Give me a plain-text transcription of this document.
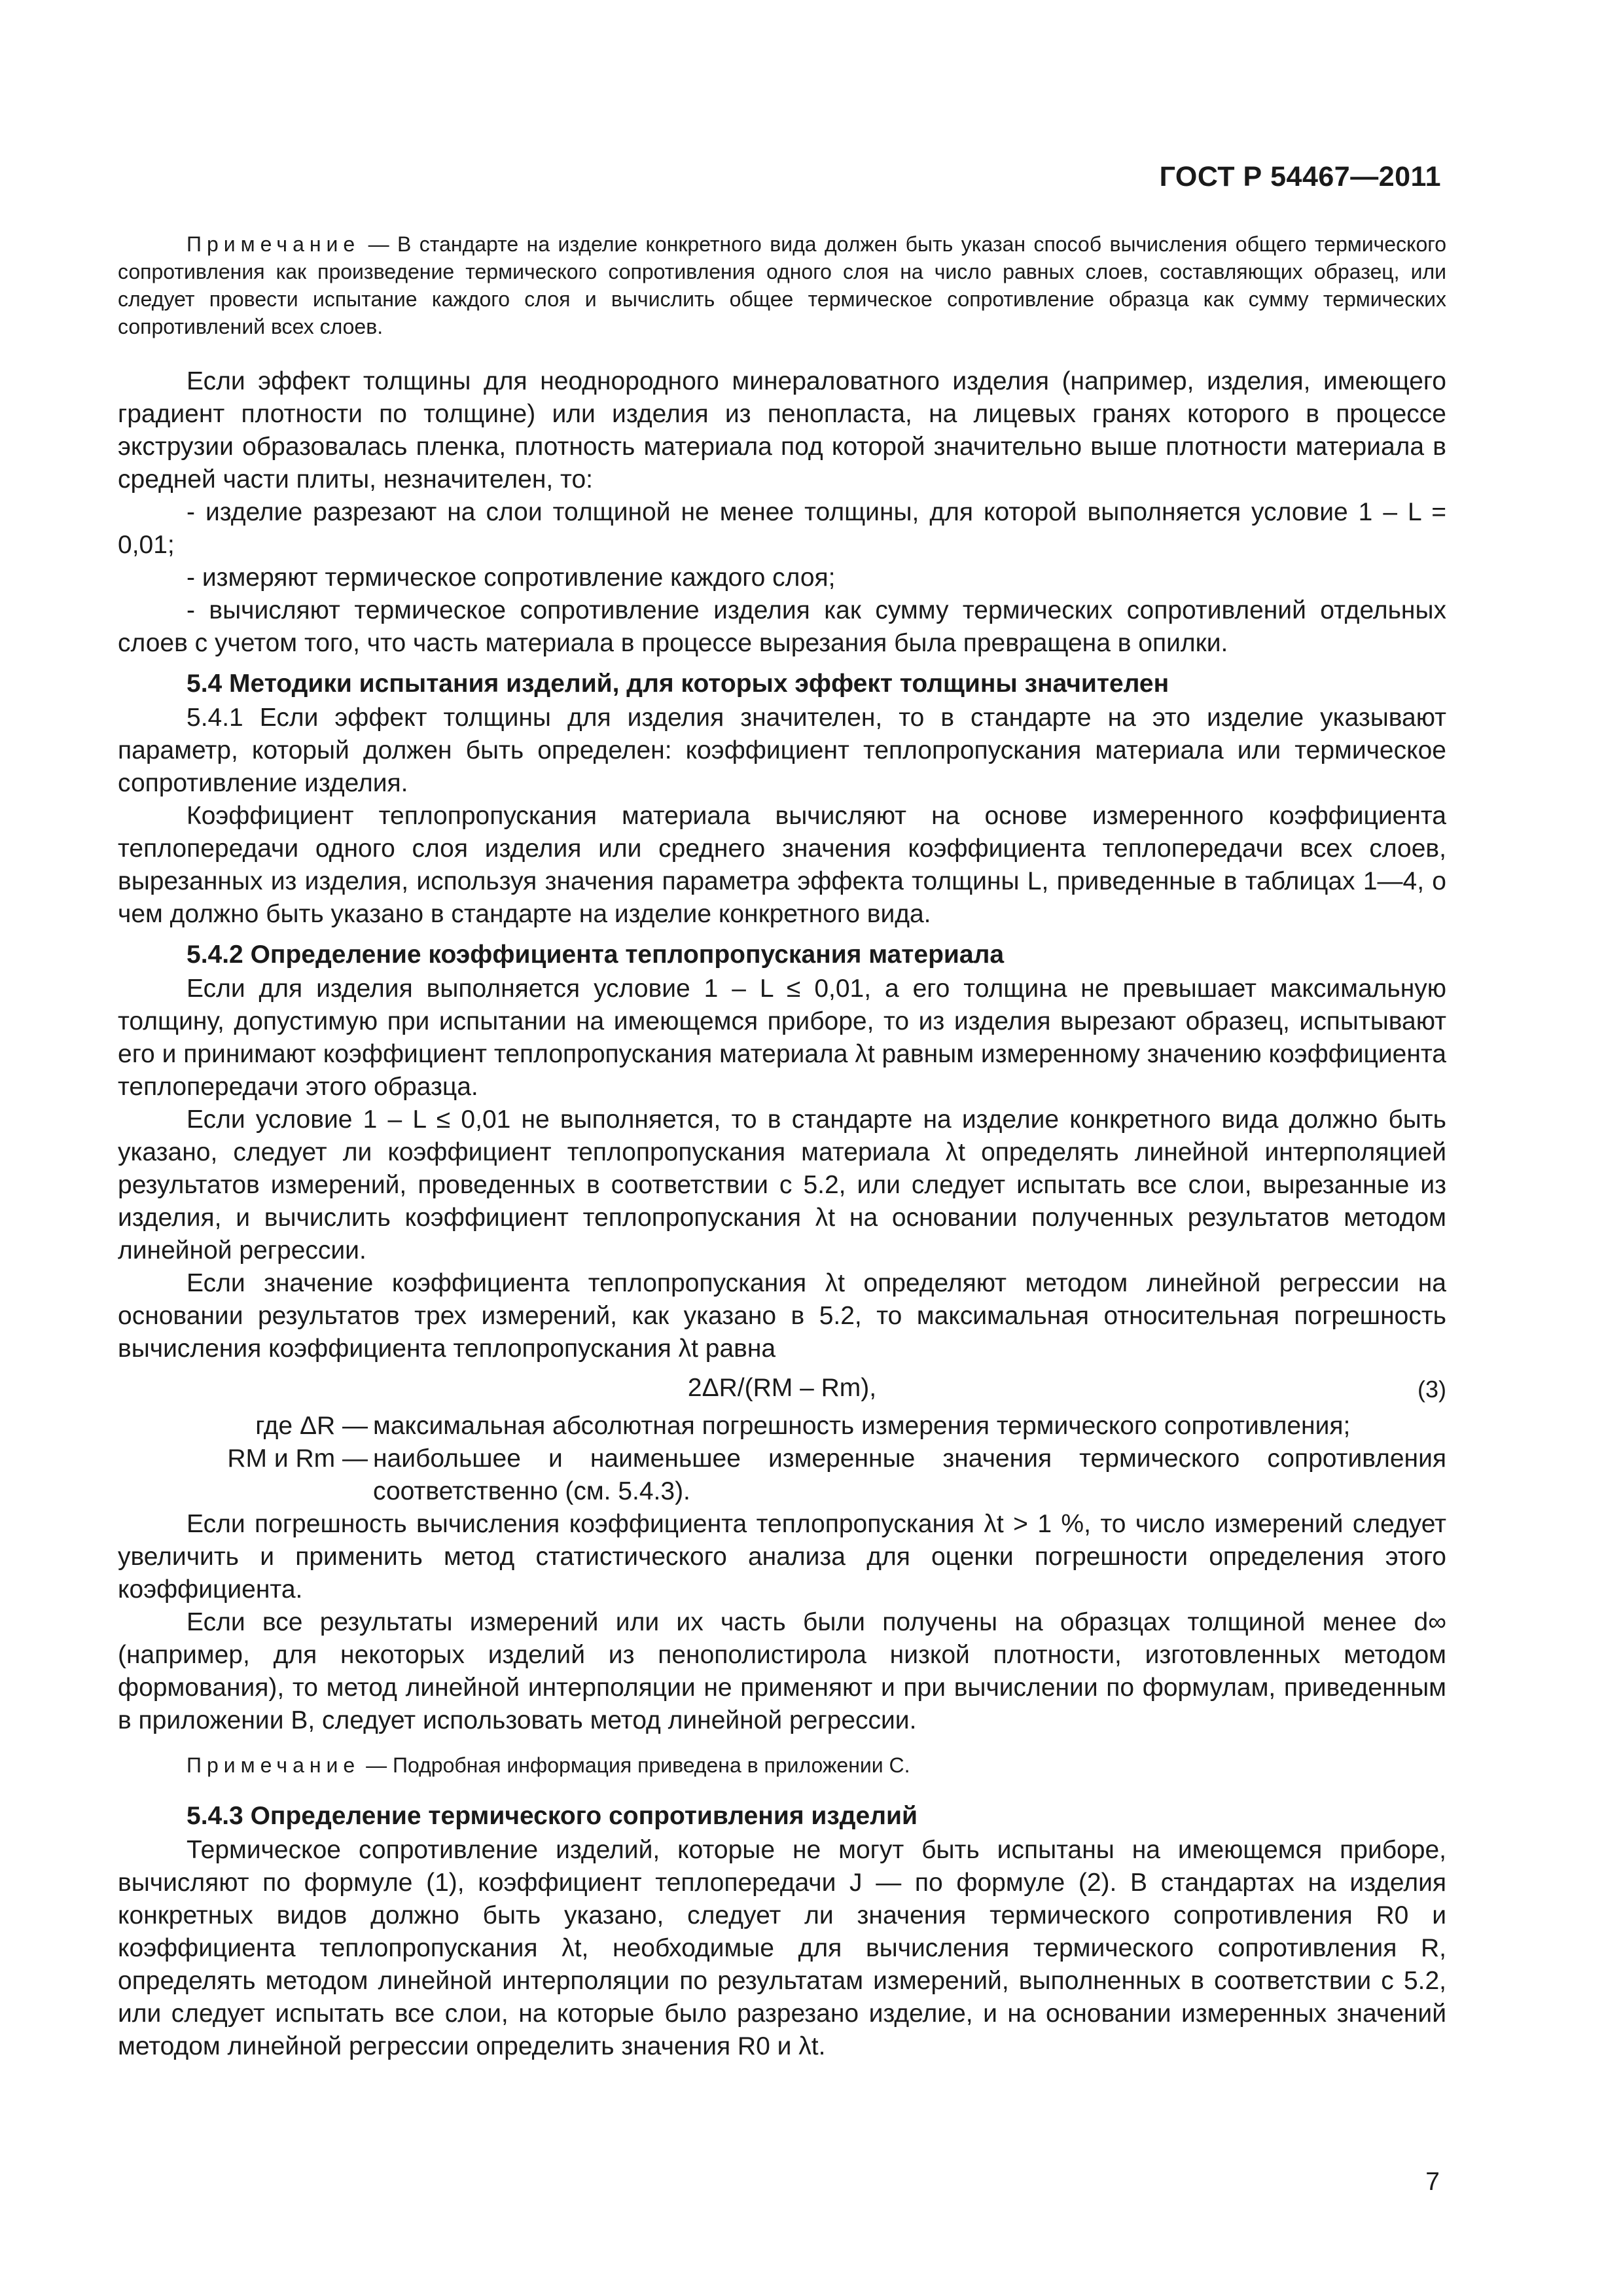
ГОСТ Р 54467—2011

Примечание — В стандарте на изделие конкретного вида должен быть указан способ вычисления общего термического сопротивления как произведение термического сопротивления одного слоя на число равных слоев, составляющих образец, или следует провести испытание каждого слоя и вычислить общее термическое сопротивление образца как сумму термических сопротивлений всех слоев.

Если эффект толщины для неоднородного минераловатного изделия (например, изделия, имеющего градиент плотности по толщине) или изделия из пенопласта, на лицевых гранях которого в процессе экструзии образовалась пленка, плотность материала под которой значительно выше плотности материала в средней части плиты, незначителен, то:

- изделие разрезают на слои толщиной не менее толщины, для которой выполняется условие 1 – L = 0,01;

- измеряют термическое сопротивление каждого слоя;

- вычисляют термическое сопротивление изделия как сумму термических сопротивлений отдельных слоев с учетом того, что часть материала в процессе вырезания была превращена в опилки.

5.4 Методики испытания изделий, для которых эффект толщины значителен

5.4.1 Если эффект толщины для изделия значителен, то в стандарте на это изделие указывают параметр, который должен быть определен: коэффициент теплопропускания материала или термическое сопротивление изделия.

Коэффициент теплопропускания материала вычисляют на основе измеренного коэффициента теплопередачи одного слоя изделия или среднего значения коэффициента теплопередачи всех слоев, вырезанных из изделия, используя значения параметра эффекта толщины L, приведенные в таблицах 1—4, о чем должно быть указано в стандарте на изделие конкретного вида.

5.4.2 Определение коэффициента теплопропускания материала

Если для изделия выполняется условие 1 – L ≤ 0,01, а его толщина не превышает максимальную толщину, допустимую при испытании на имеющемся приборе, то из изделия вырезают образец, испытывают его и принимают коэффициент теплопропускания материала λt равным измеренному значению коэффициента теплопередачи этого образца.

Если условие 1 – L ≤ 0,01 не выполняется, то в стандарте на изделие конкретного вида должно быть указано, следует ли коэффициент теплопропускания материала λt определять линейной интерполяцией результатов измерений, проведенных в соответствии с 5.2, или следует испытать все слои, вырезанные из изделия, и вычислить коэффициент теплопропускания λt на основании полученных результатов методом линейной регрессии.

Если значение коэффициента теплопропускания λt определяют методом линейной регрессии на основании результатов трех измерений, как указано в 5.2, то максимальная относительная погрешность вычисления коэффициента теплопропускания λt равна

2ΔR/(RM – Rm),	(3)
где ΔR — максимальная абсолютная погрешность измерения термического сопротивления;
RM и Rm — наибольшее и наименьшее измеренные значения термического сопротивления соответственно (см. 5.4.3).

Если погрешность вычисления коэффициента теплопропускания λt > 1 %, то число измерений следует увеличить и применить метод статистического анализа для оценки погрешности определения этого коэффициента.

Если все результаты измерений или их часть были получены на образцах толщиной менее d∞ (например, для некоторых изделий из пенополистирола низкой плотности, изготовленных методом формования), то метод линейной интерполяции не применяют и при вычислении по формулам, приведенным в приложении В, следует использовать метод линейной регрессии.

Примечание — Подробная информация приведена в приложении С.

5.4.3 Определение термического сопротивления изделий

Термическое сопротивление изделий, которые не могут быть испытаны на имеющемся приборе, вычисляют по формуле (1), коэффициент теплопередачи J — по формуле (2). В стандартах на изделия конкретных видов должно быть указано, следует ли значения термического сопротивления R0 и коэффициента теплопропускания λt, необходимые для вычисления термического сопротивления R, определять методом линейной интерполяции по результатам измерений, выполненных в соответствии с 5.2, или следует испытать все слои, на которые было разрезано изделие, и на основании измеренных значений методом линейной регрессии определить значения R0 и λt.

7
